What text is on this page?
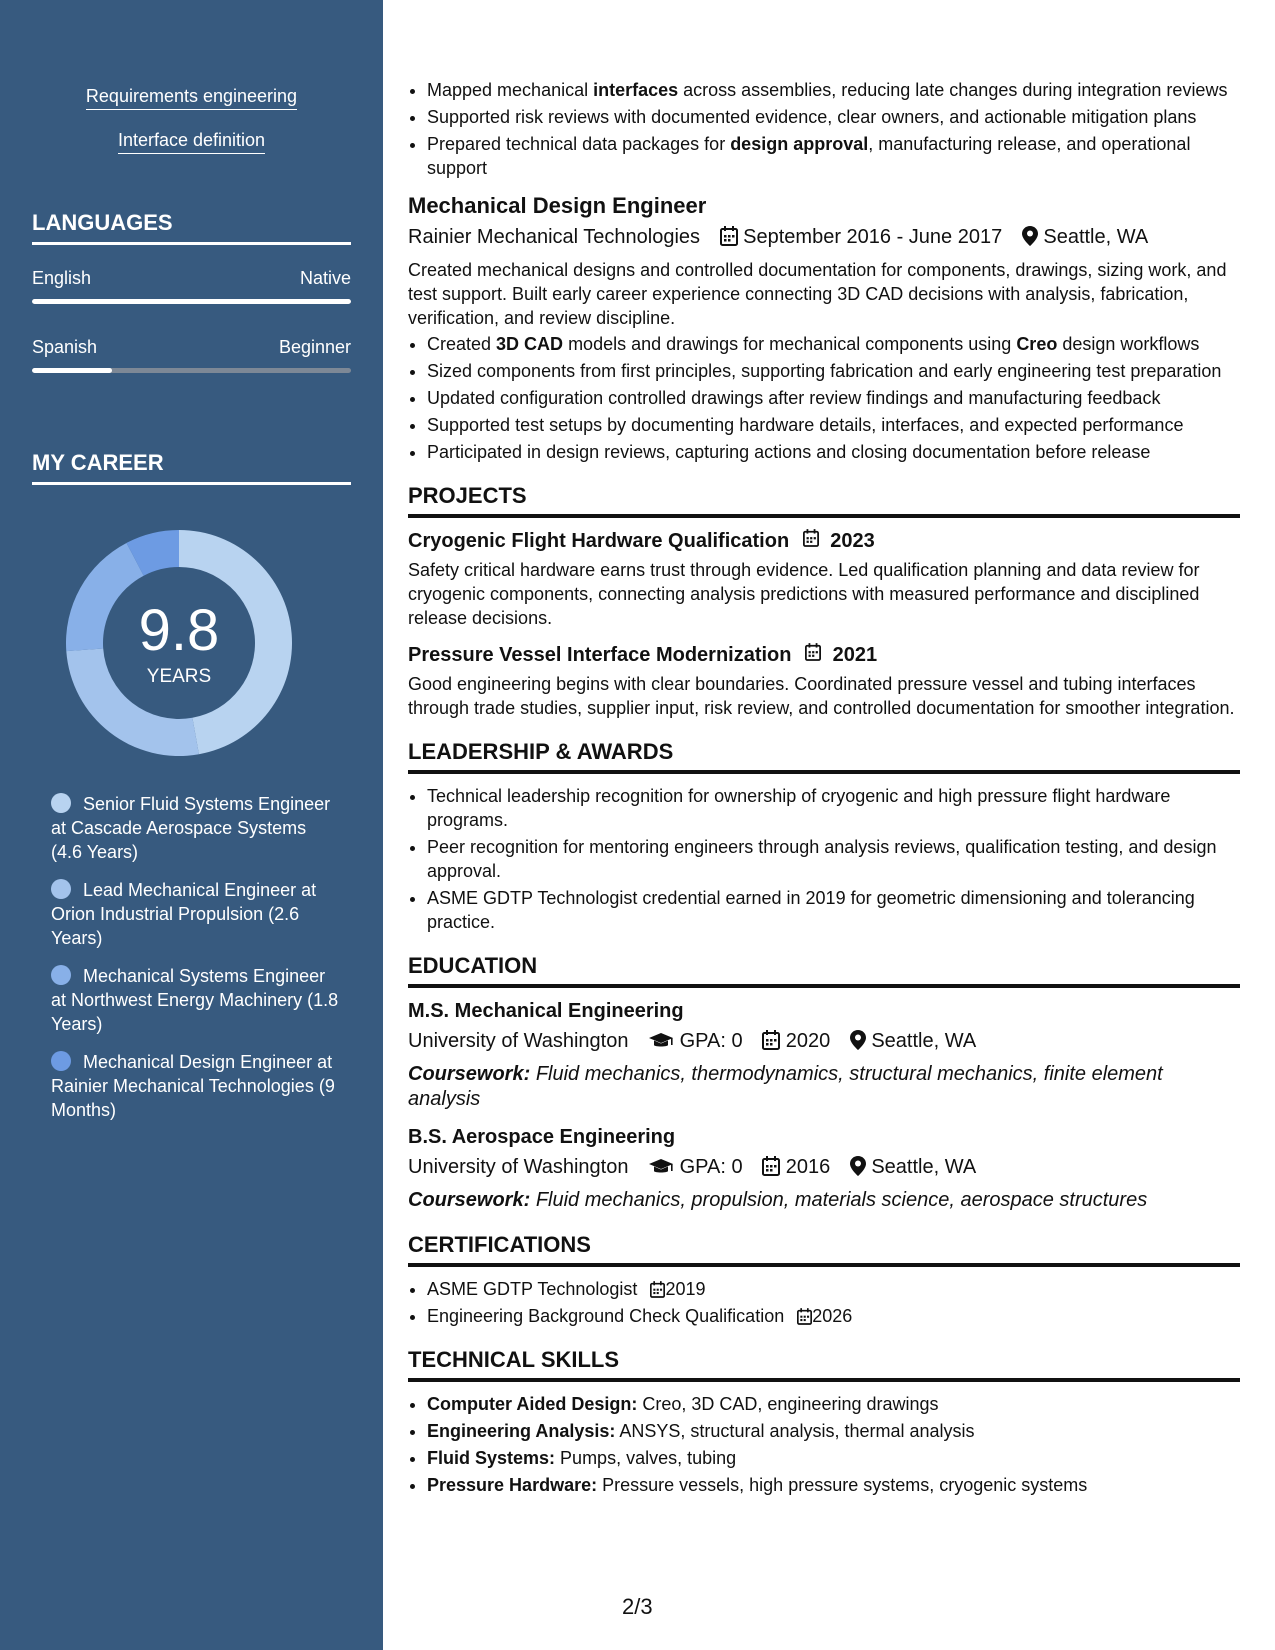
Requirements engineering
Interface definition
LANGUAGES
English	Native
Spanish	Beginner
MY CAREER
9.8
YEARS
Senior Fluid Systems Engineer at Cascade Aerospace Systems (4.6 Years)
Lead Mechanical Engineer at Orion Industrial Propulsion (2.6 Years)
Mechanical Systems Engineer at Northwest Energy Machinery (1.8 Years)
Mechanical Design Engineer at Rainier Mechanical Technologies (9 Months)
• Mapped mechanical interfaces across assemblies, reducing late changes during integration reviews
• Supported risk reviews with documented evidence, clear owners, and actionable mitigation plans
• Prepared technical data packages for design approval, manufacturing release, and operational support
Mechanical Design Engineer
Rainier Mechanical Technologies September 2016 - June 2017 Seattle, WA
Created mechanical designs and controlled documentation for components, drawings, sizing work, and test support. Built early career experience connecting 3D CAD decisions with analysis, fabrication, verification, and review discipline.
• Created 3D CAD models and drawings for mechanical components using Creo design workflows
• Sized components from first principles, supporting fabrication and early engineering test preparation
• Updated configuration controlled drawings after review findings and manufacturing feedback
• Supported test setups by documenting hardware details, interfaces, and expected performance
• Participated in design reviews, capturing actions and closing documentation before release
PROJECTS
Cryogenic Flight Hardware Qualification 2023
Safety critical hardware earns trust through evidence. Led qualification planning and data review for cryogenic components, connecting analysis predictions with measured performance and disciplined release decisions.
Pressure Vessel Interface Modernization 2021
Good engineering begins with clear boundaries. Coordinated pressure vessel and tubing interfaces through trade studies, supplier input, risk review, and controlled documentation for smoother integration.
LEADERSHIP & AWARDS
• Technical leadership recognition for ownership of cryogenic and high pressure flight hardware programs.
• Peer recognition for mentoring engineers through analysis reviews, qualification testing, and design approval.
• ASME GDTP Technologist credential earned in 2019 for geometric dimensioning and tolerancing practice.
EDUCATION
M.S. Mechanical Engineering
University of Washington	GPA: 0 2020 Seattle, WA
Coursework: Fluid mechanics, thermodynamics, structural mechanics, finite element analysis
B.S. Aerospace Engineering
University of Washington	GPA: 0 2016 Seattle, WA
Coursework: Fluid mechanics, propulsion, materials science, aerospace structures
CERTIFICATIONS
• ASME GDTP Technologist 2019
• Engineering Background Check Qualification 2026
TECHNICAL SKILLS
• Computer Aided Design: Creo, 3D CAD, engineering drawings
• Engineering Analysis: ANSYS, structural analysis, thermal analysis
• Fluid Systems: Pumps, valves, tubing
• Pressure Hardware: Pressure vessels, high pressure systems, cryogenic systems
2/3
